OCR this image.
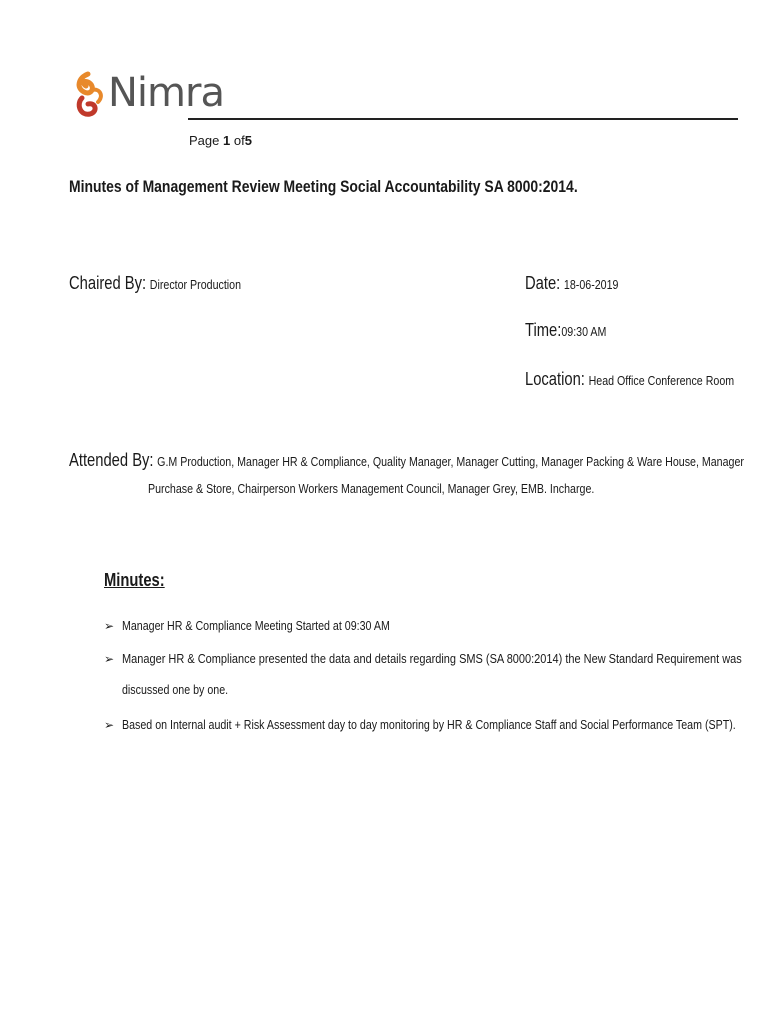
Nimra
Page 1 of5
Minutes of Management Review Meeting Social Accountability SA 8000:2014.
Chaired By: Director Production	Date: 18-06-2019
Time:09:30 AM
Location: Head Office Conference Room
Attended By: G.M Production, Manager HR & Compliance, Quality Manager, Manager Cutting, Manager Packing & Ware House, Manager
Purchase & Store, Chairperson Workers Management Council, Manager Grey, EMB. Incharge.
Minutes:
➢ Manager HR & Compliance Meeting Started at 09:30 AM
➢ Manager HR & Compliance presented the data and details regarding SMS (SA 8000:2014) the New Standard Requirement was
discussed one by one.
➢ Based on Internal audit + Risk Assessment day to day monitoring by HR & Compliance Staff and Social Performance Team (SPT).
